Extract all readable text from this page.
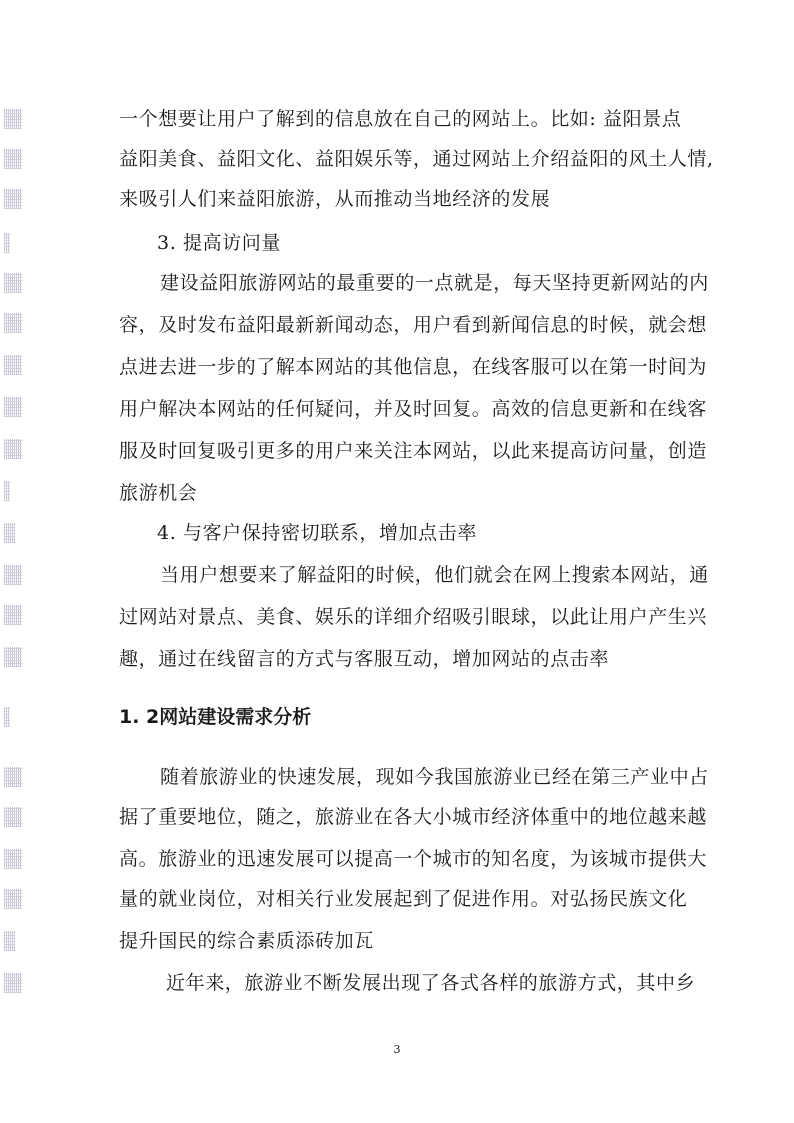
一个想要让用户了解到的信息放在自己的网站上。比如: 益阳景点
益阳美食、益阳文化、益阳娱乐等，通过网站上介绍益阳的风土人情,
来吸引人们来益阳旅游，从而推动当地经济的发展
3. 提高访问量
建设益阳旅游网站的最重要的一点就是，每天坚持更新网站的内
容，及时发布益阳最新新闻动态，用户看到新闻信息的时候，就会想
点进去进一步的了解本网站的其他信息，在线客服可以在第一时间为
用户解决本网站的任何疑问，并及时回复。高效的信息更新和在线客
服及时回复吸引更多的用户来关注本网站，以此来提高访问量，创造
旅游机会
4. 与客户保持密切联系，增加点击率
当用户想要来了解益阳的时候，他们就会在网上搜索本网站，通
过网站对景点、美食、娱乐的详细介绍吸引眼球，以此让用户产生兴
趣，通过在线留言的方式与客服互动，增加网站的点击率
1. 2网站建设需求分析
随着旅游业的快速发展，现如今我国旅游业已经在第三产业中占
据了重要地位，随之，旅游业在各大小城市经济体重中的地位越来越
高。旅游业的迅速发展可以提高一个城市的知名度，为该城市提供大
量的就业岗位，对相关行业发展起到了促进作用。对弘扬民族文化
提升国民的综合素质添砖加瓦
近年来，旅游业不断发展出现了各式各样的旅游方式，其中乡
3
